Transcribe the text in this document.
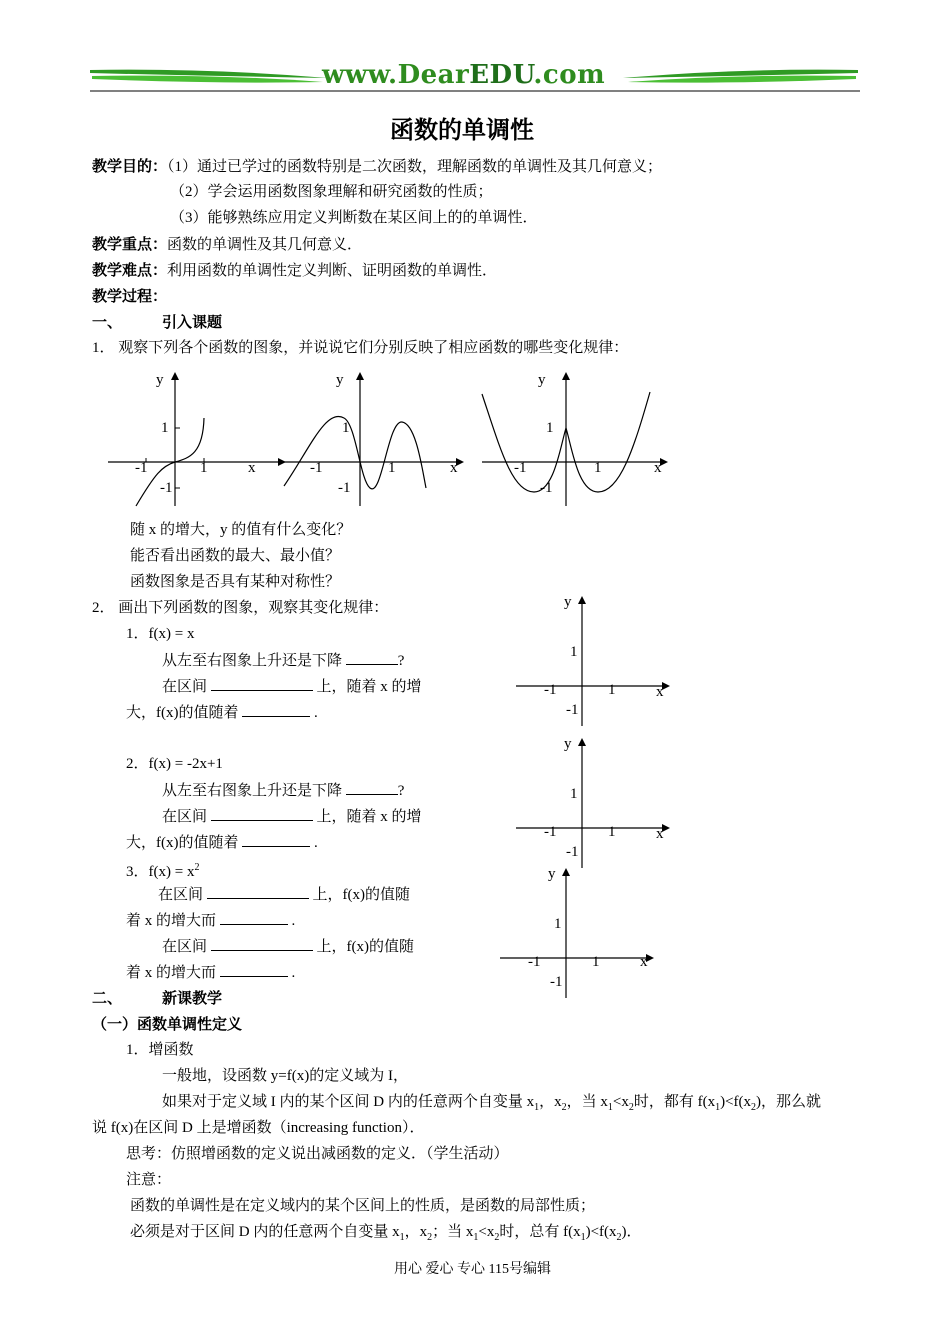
www.DearEDU.com
函数的单调性
教学目的：（1）通过已学过的函数特别是二次函数，理解函数的单调性及其几何意义；
（2）学会运用函数图象理解和研究函数的性质；
（3）能够熟练应用定义判断数在某区间上的的单调性．
教学重点：函数的单调性及其几何意义．
教学难点：利用函数的单调性定义判断、证明函数的单调性．
教学过程：
一、	引入课题
1． 观察下列各个函数的图象，并说说它们分别反映了相应函数的哪些变化规律：
y
1
-1	1
-1
x
y
1
-1	1
-1
x
y
1
-1	1
-1
x
随 x 的增大，y 的值有什么变化？
能否看出函数的最大、最小值？
函数图象是否具有某种对称性？
2． 画出下列函数的图象，观察其变化规律：
1．f(x) = x
从左至右图象上升还是下降	?
在区间	上，随着 x 的增
大，f(x)的值随着	.
2．f(x) = -2x+1
从左至右图象上升还是下降	?
在区间	上，随着 x 的增
大，f(x)的值随着	.
3．$f(x) = x^2$
在区间	上，f(x)的值随
着 x 的增大而	.
在区间	上，f(x)的值随
着 x 的增大而	.
y
1
-1	1
-1
x
y
1
-1	1
-1
x
y
1
-1	1
-1
x
二、	新课教学
（一）函数单调性定义
1．增函数
一般地，设函数 y=f(x)的定义域为 I，
如果对于定义域 I 内的某个区间 D 内的任意两个自变量 $x_1$，$x_2$，当 $x_1<x_2$时，都有 $f(x_1)<f(x_2)$，那么就
说 f(x)在区间 D 上是增函数（increasing function）．
思考：仿照增函数的定义说出减函数的定义．（学生活动）
注意：
函数的单调性是在定义域内的某个区间上的性质，是函数的局部性质；
必须是对于区间 D 内的任意两个自变量 $x_1$，$x_2$；当 $x_1<x_2$时，总有 $f(x_1)<f(x_2)$．
用心 爱心 专心 115号编辑
